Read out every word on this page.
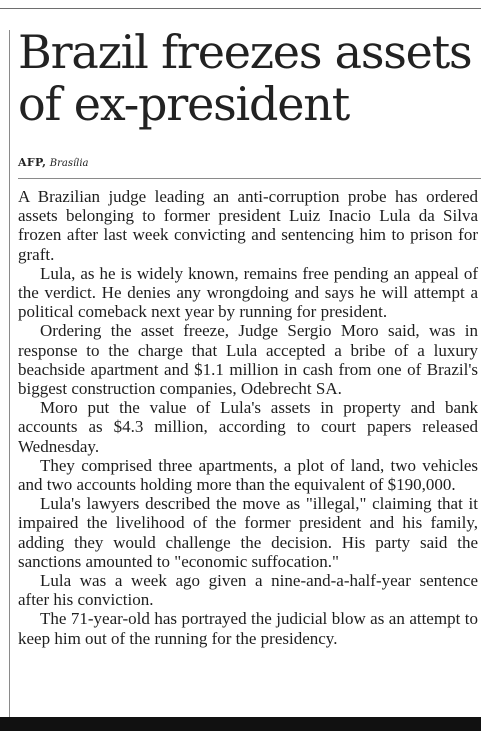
Brazil freezes assets of ex-president

AFP, Brasília

A Brazilian judge leading an anti-corruption probe has ordered assets belonging to former president Luiz Inacio Lula da Silva frozen after last week convicting and sentencing him to prison for graft.

Lula, as he is widely known, remains free pending an appeal of the verdict. He denies any wrongdoing and says he will attempt a political comeback next year by running for president.

Ordering the asset freeze, Judge Sergio Moro said, was in response to the charge that Lula accepted a bribe of a luxury beachside apartment and $1.1 million in cash from one of Brazil's biggest construction companies, Odebrecht SA.

Moro put the value of Lula's assets in property and bank accounts as $4.3 million, according to court papers released Wednesday.

They comprised three apartments, a plot of land, two vehicles and two accounts holding more than the equivalent of $190,000.

Lula's lawyers described the move as "illegal," claiming that it impaired the livelihood of the former president and his family, adding they would challenge the decision. His party said the sanctions amounted to "economic suffocation."

Lula was a week ago given a nine-and-a-half-year sentence after his conviction.

The 71-year-old has portrayed the judicial blow as an attempt to keep him out of the running for the presidency.
